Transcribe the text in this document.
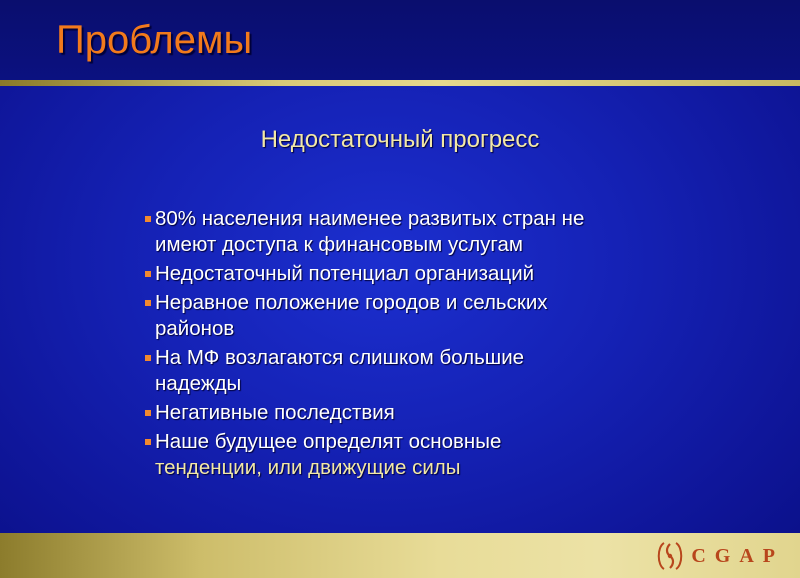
Проблемы
Недостаточный прогресс
80% населения наименее развитых стран не
имеют доступа к финансовым услугам
Недостаточный потенциал организаций
Неравное положение городов и сельских
районов
На МФ возлагаются слишком большие
надежды
Негативные последствия
Наше будущее определят основные
тенденции, или движущие силы
CGAP
